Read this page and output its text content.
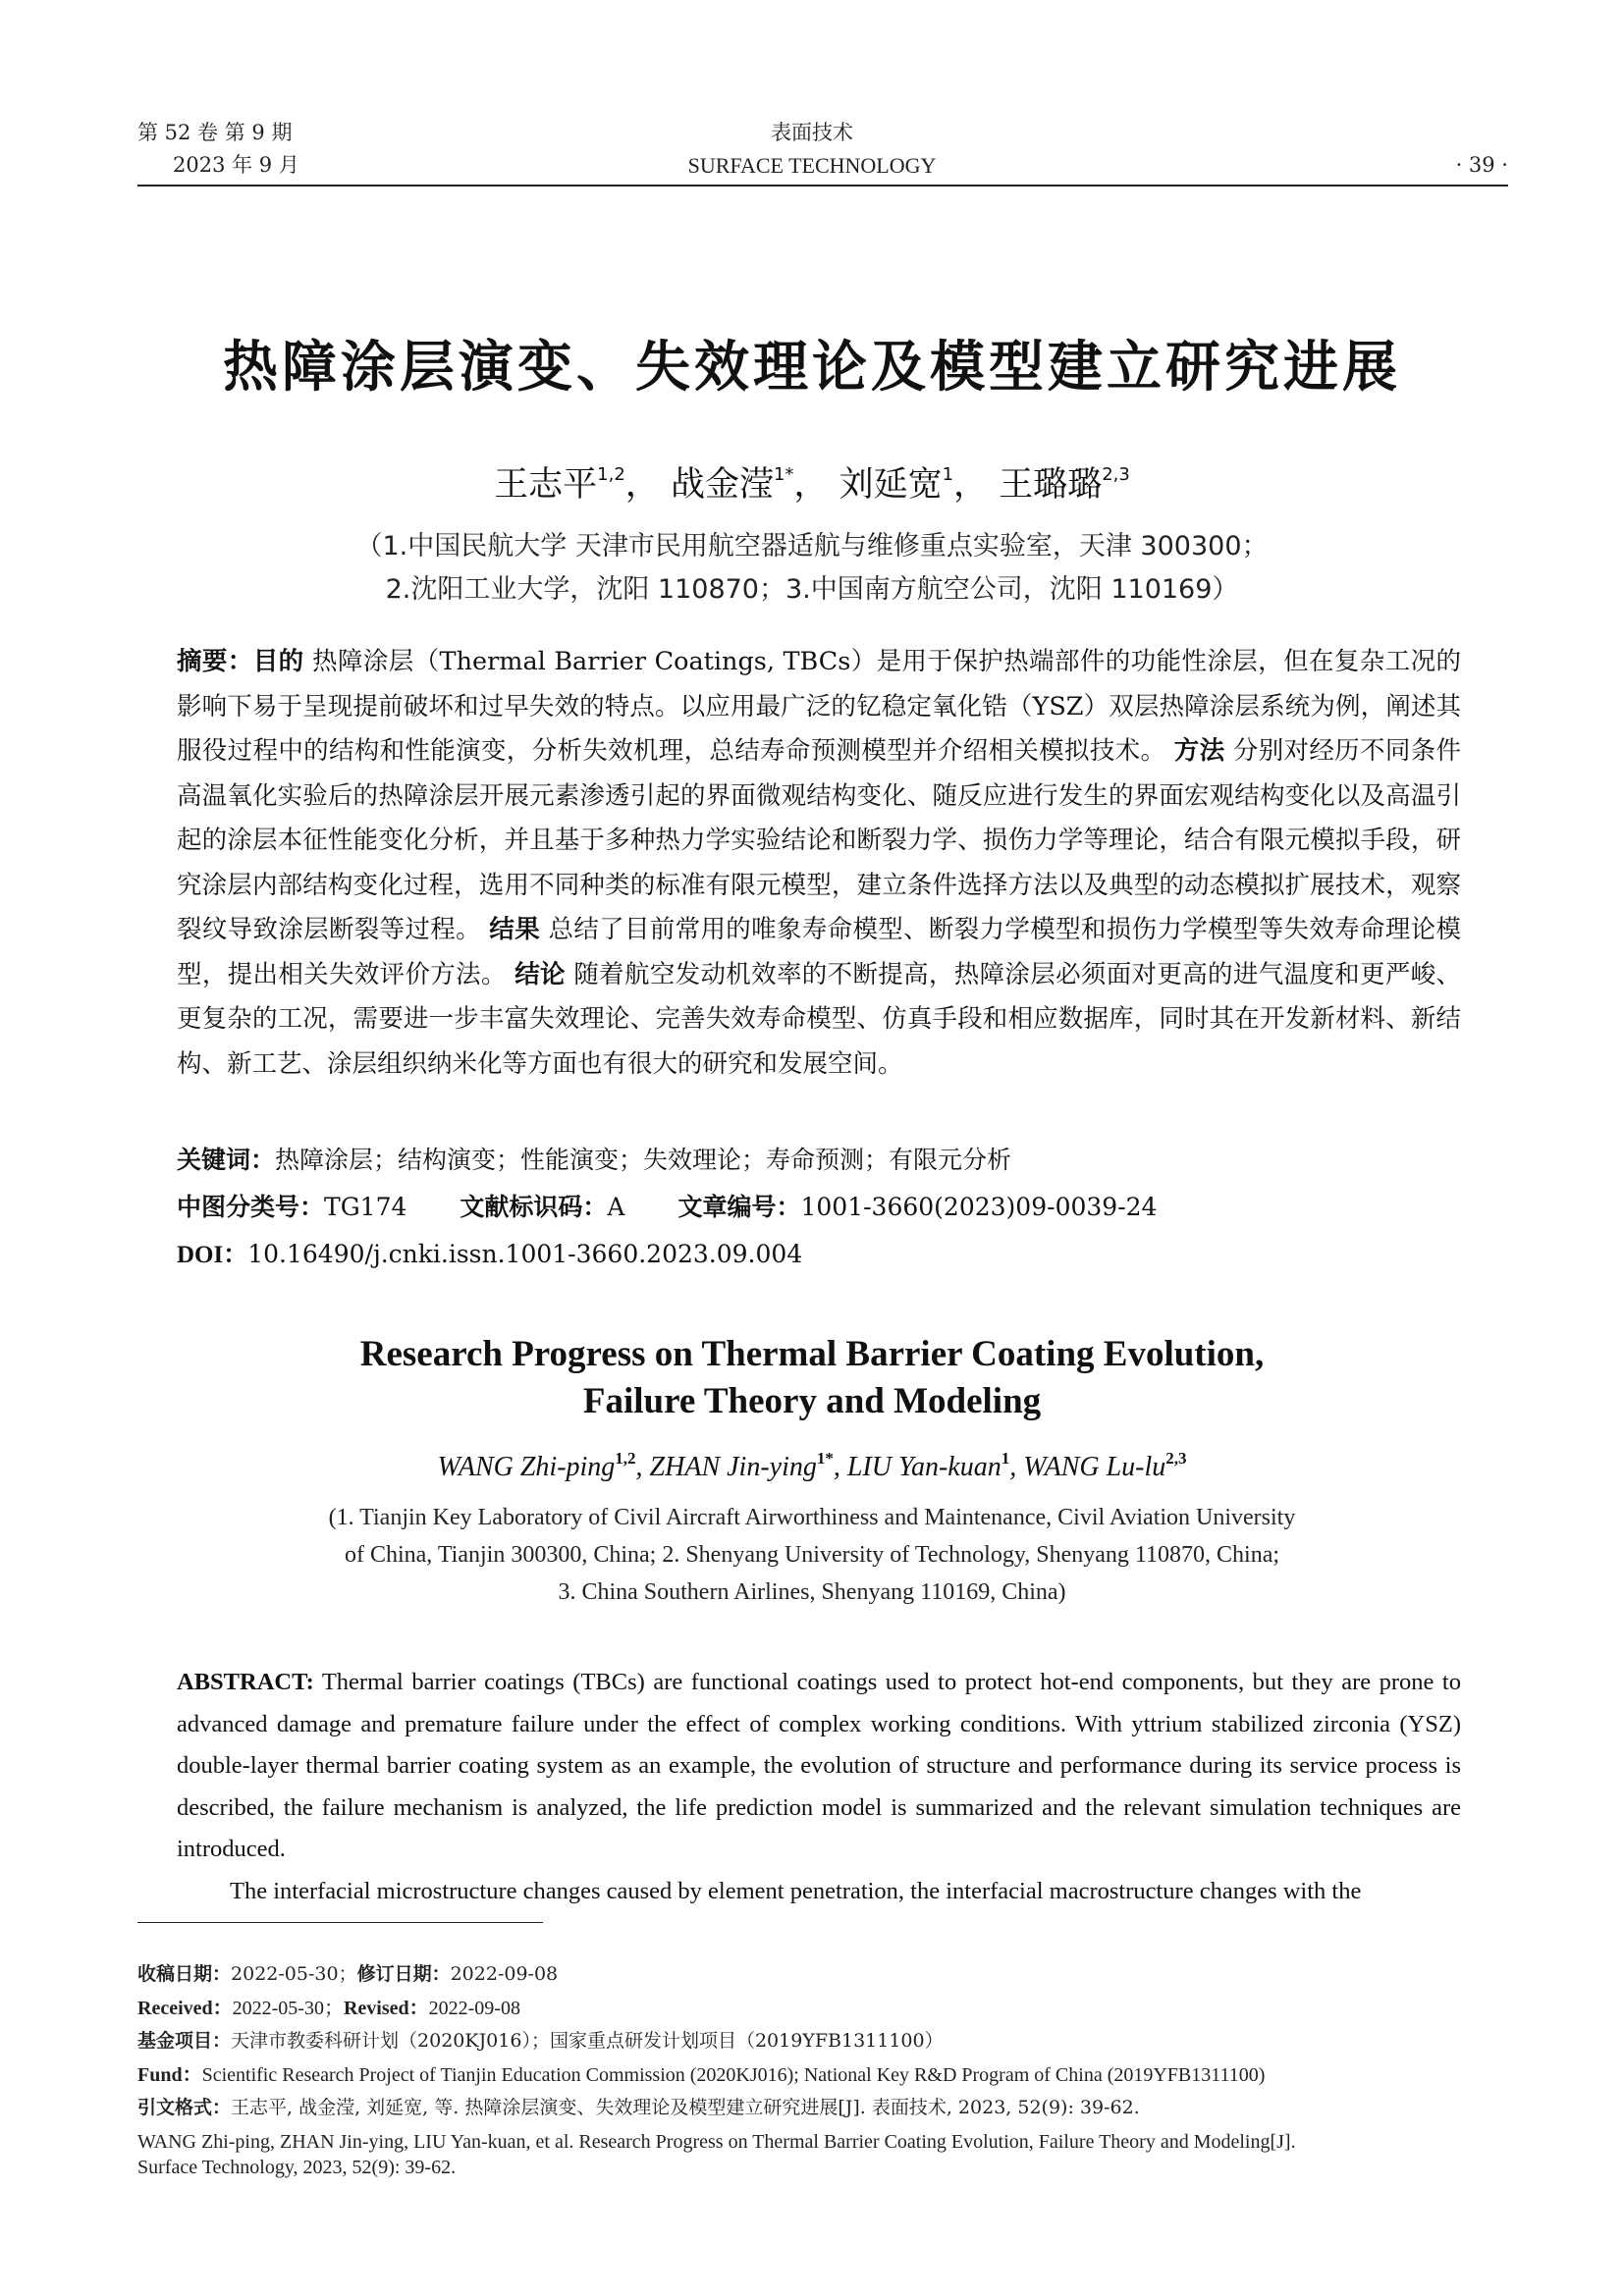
第 52 卷 第 9 期
2023 年 9 月
表面技术
SURFACE TECHNOLOGY	· 39 ·
热障涂层演变、失效理论及模型建立研究进展
王志平$^{1,2}$， 战金滢$^{1*}$， 刘延宽$^1$， 王璐璐$^{2,3}$
（1.中国民航大学 天津市民用航空器适航与维修重点实验室，天津 300300；
2.沈阳工业大学，沈阳 110870；3.中国南方航空公司，沈阳 110169）
摘要：目的 热障涂层（Thermal Barrier Coatings, TBCs）是用于保护热端部件的功能性涂层，但在复杂工况的影响下易于呈现提前破坏和过早失效的特点。以应用最广泛的钇稳定氧化锆（YSZ）双层热障涂层系统为例，阐述其服役过程中的结构和性能演变，分析失效机理，总结寿命预测模型并介绍相关模拟技术。 方法 分别对经历不同条件高温氧化实验后的热障涂层开展元素渗透引起的界面微观结构变化、随反应进行发生的界面宏观结构变化以及高温引起的涂层本征性能变化分析，并且基于多种热力学实验结论和断裂力学、损伤力学等理论，结合有限元模拟手段，研究涂层内部结构变化过程，选用不同种类的标准有限元模型，建立条件选择方法以及典型的动态模拟扩展技术，观察裂纹导致涂层断裂等过程。 结果 总结了目前常用的唯象寿命模型、断裂力学模型和损伤力学模型等失效寿命理论模型，提出相关失效评价方法。 结论 随着航空发动机效率的不断提高，热障涂层必须面对更高的进气温度和更严峻、更复杂的工况，需要进一步丰富失效理论、完善失效寿命模型、仿真手段和相应数据库，同时其在开发新材料、新结构、新工艺、涂层组织纳米化等方面也有很大的研究和发展空间。
关键词：热障涂层；结构演变；性能演变；失效理论；寿命预测；有限元分析
中图分类号：TG174 文献标识码：A 文章编号：1001-3660(2023)09-0039-24
DOI：10.16490/j.cnki.issn.1001-3660.2023.09.004
Research Progress on Thermal Barrier Coating Evolution,
Failure Theory and Modeling
WANG Zhi-ping$^{1,2}$, ZHAN Jin-ying$^{1*}$, LIU Yan-kuan$^1$, WANG Lu-lu$^{2,3}$
(1. Tianjin Key Laboratory of Civil Aircraft Airworthiness and Maintenance, Civil Aviation University
of China, Tianjin 300300, China; 2. Shenyang University of Technology, Shenyang 110870, China;
3. China Southern Airlines, Shenyang 110169, China)
ABSTRACT: Thermal barrier coatings (TBCs) are functional coatings used to protect hot-end components, but they are prone to advanced damage and premature failure under the effect of complex working conditions. With yttrium stabilized zirconia (YSZ) double-layer thermal barrier coating system as an example, the evolution of structure and performance during its service process is described, the failure mechanism is analyzed, the life prediction model is summarized and the relevant simulation techniques are introduced.
The interfacial microstructure changes caused by element penetration, the interfacial macrostructure changes with the
收稿日期：2022-05-30；修订日期：2022-09-08
Received：2022-05-30；Revised：2022-09-08
基金项目：天津市教委科研计划（2020KJ016）；国家重点研发计划项目（2019YFB1311100）
Fund：Scientific Research Project of Tianjin Education Commission (2020KJ016); National Key R&D Program of China (2019YFB1311100)
引文格式：王志平, 战金滢, 刘延宽, 等. 热障涂层演变、失效理论及模型建立研究进展[J]. 表面技术, 2023, 52(9): 39-62.
WANG Zhi-ping, ZHAN Jin-ying, LIU Yan-kuan, et al. Research Progress on Thermal Barrier Coating Evolution, Failure Theory and Modeling[J].
Surface Technology, 2023, 52(9): 39-62.
